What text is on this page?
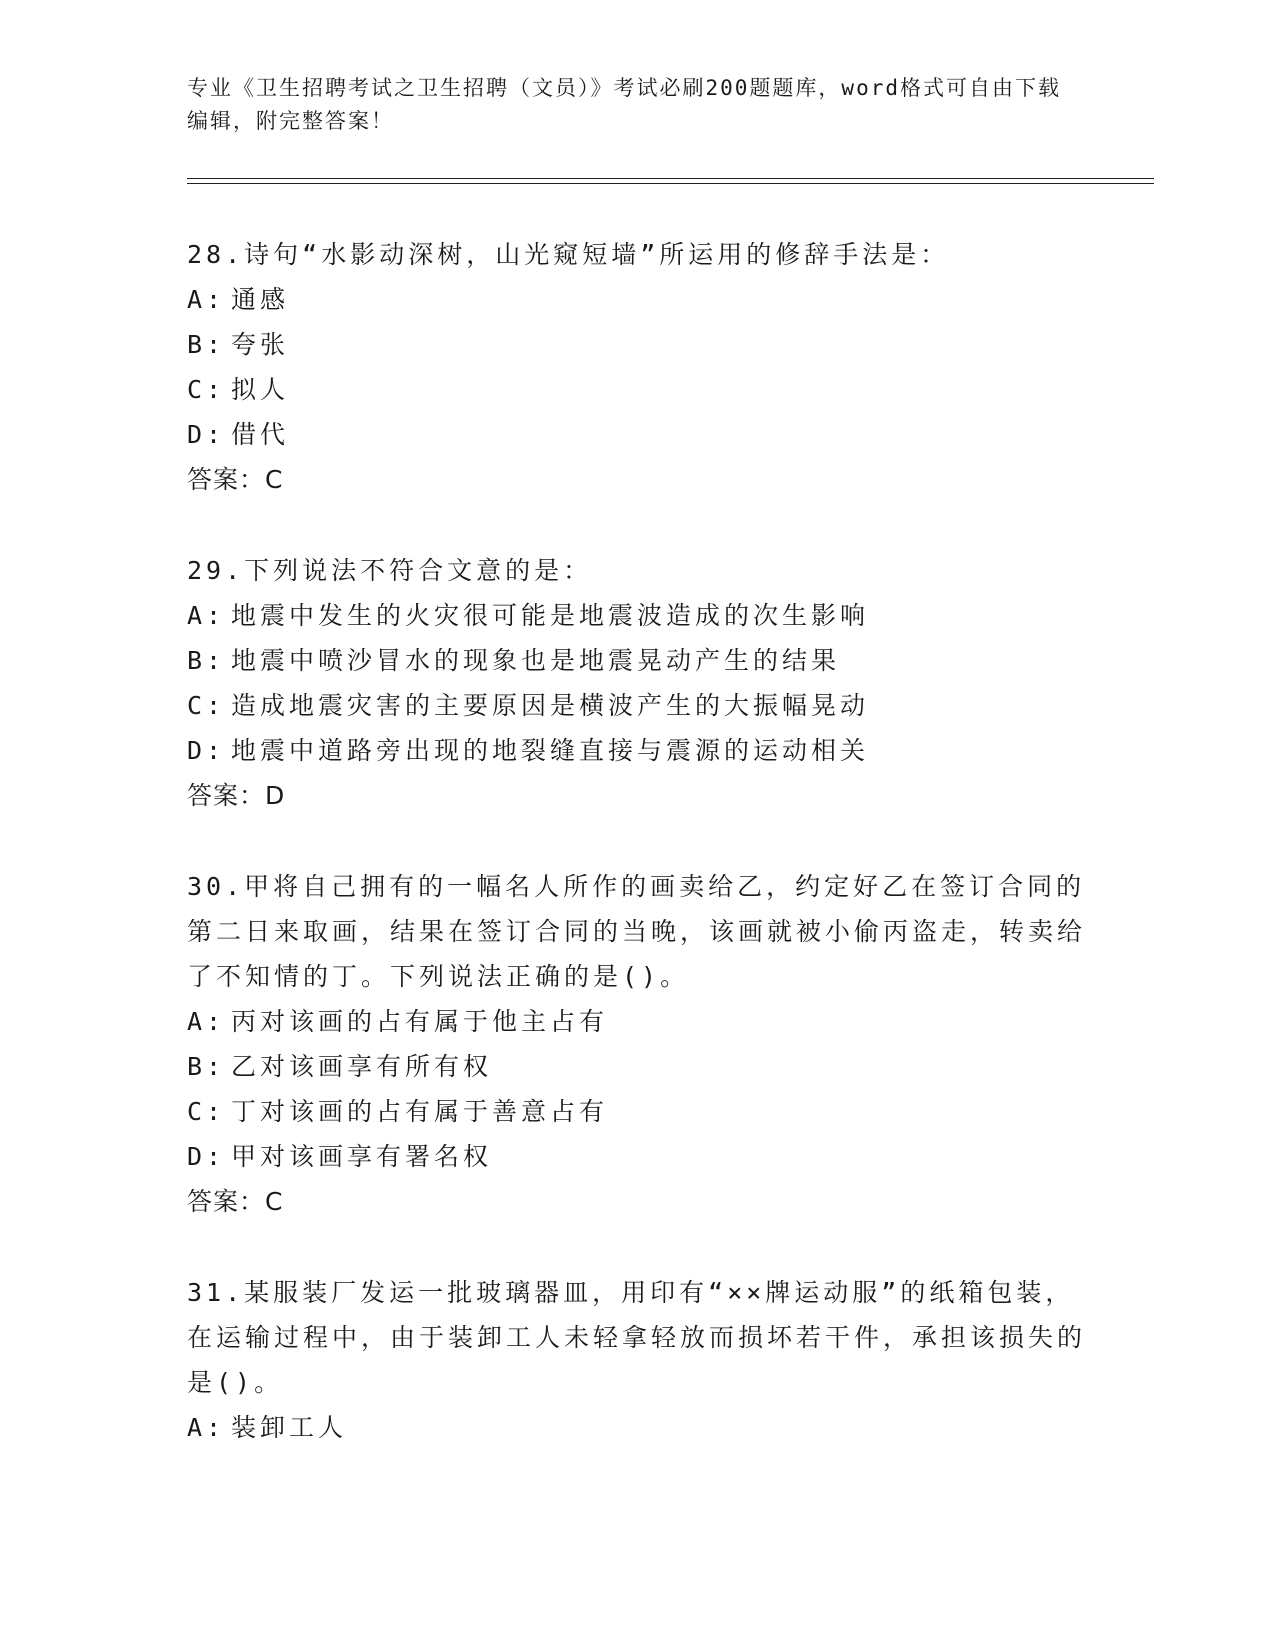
专业《卫生招聘考试之卫生招聘（文员）》考试必刷200题题库，word格式可自由下载编辑，附完整答案！

28.诗句“水影动深树，山光窥短墙”所运用的修辞手法是：

A: 通感
B: 夸张
C: 拟人
D: 借代
答案：C

29.下列说法不符合文意的是：

A: 地震中发生的火灾很可能是地震波造成的次生影响
B: 地震中喷沙冒水的现象也是地震晃动产生的结果
C: 造成地震灾害的主要原因是横波产生的大振幅晃动
D: 地震中道路旁出现的地裂缝直接与震源的运动相关
答案：D

30.甲将自己拥有的一幅名人所作的画卖给乙，约定好乙在签订合同的第二日来取画，结果在签订合同的当晚，该画就被小偷丙盗走，转卖给了不知情的丁。下列说法正确的是()。

A: 丙对该画的占有属于他主占有
B: 乙对该画享有所有权
C: 丁对该画的占有属于善意占有
D: 甲对该画享有署名权
答案：C

31.某服装厂发运一批玻璃器皿，用印有“××牌运动服”的纸箱包装，在运输过程中，由于装卸工人未轻拿轻放而损坏若干件，承担该损失的是()。

A: 装卸工人
